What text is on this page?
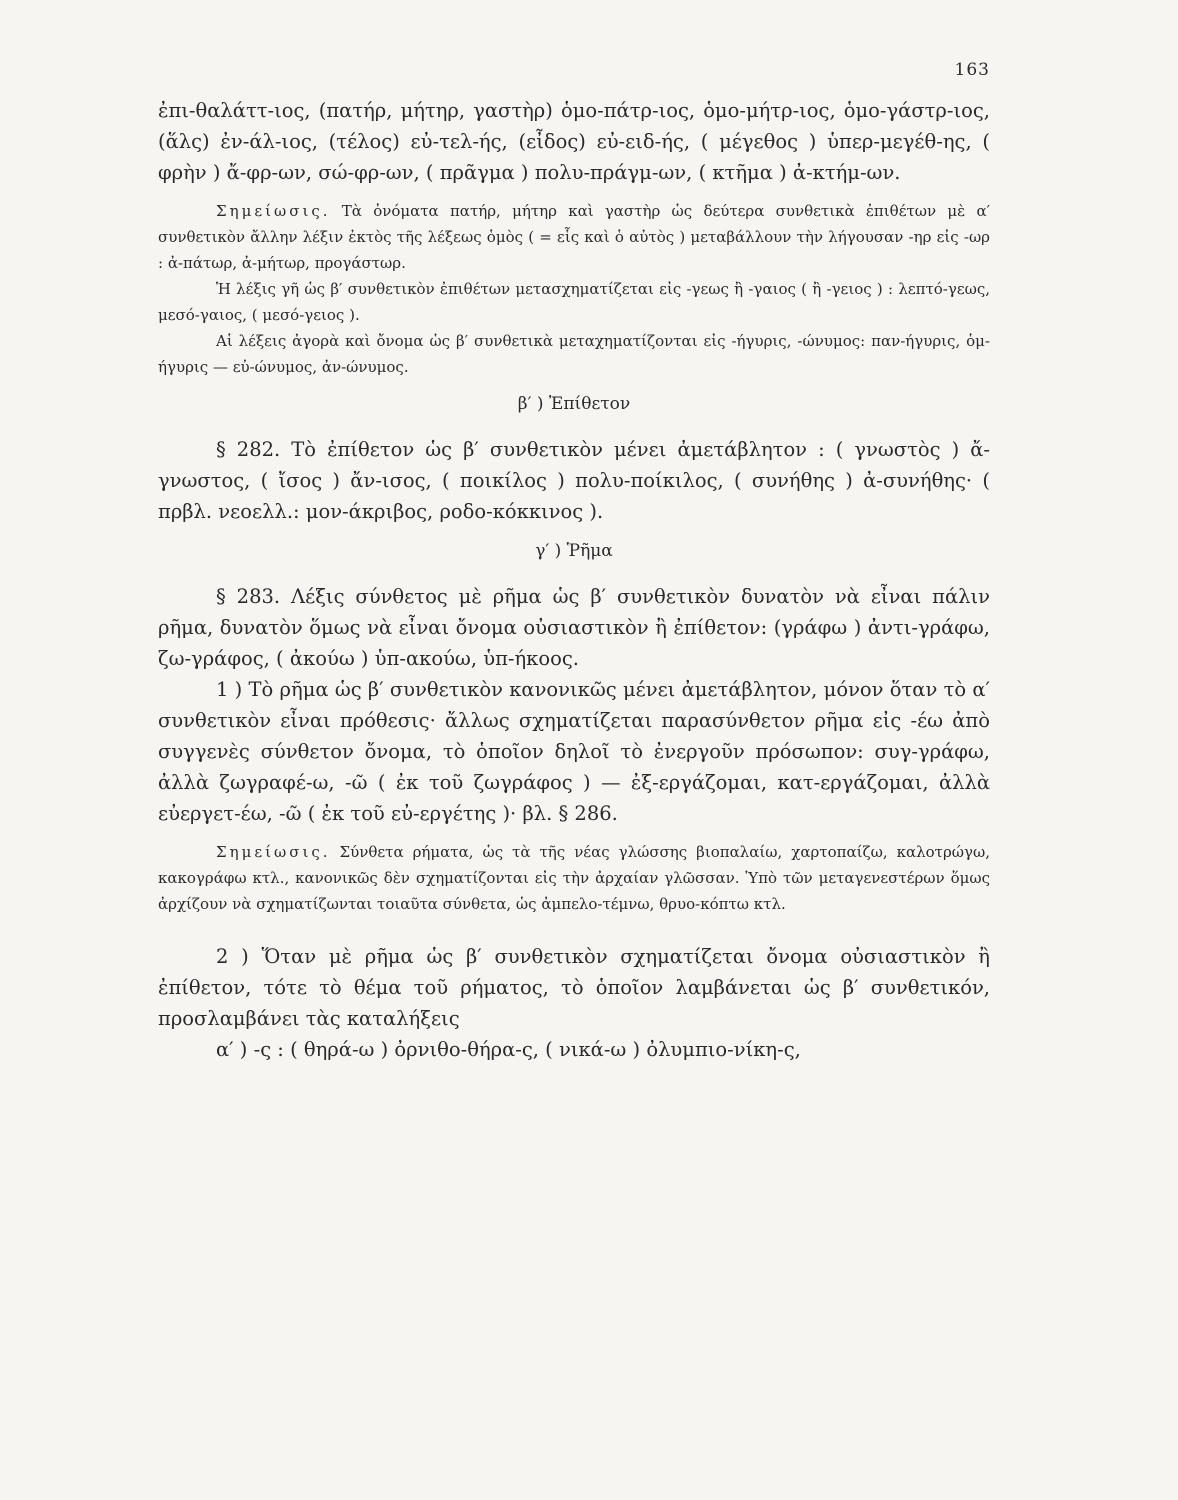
163

ἐπι-θαλάττ-ιος, (πατήρ, μήτηρ, γαστὴρ) ὁμο-πάτρ-ιος, ὁμο-μήτρ-ιος, ὁμο-γάστρ-ιος, (ἅλς) ἐν-άλ-ιος, (τέλος) εὐ-τελ-ής, (εἶδος) εὐ-ειδ-ής, ( μέγεθος ) ὑπερ-μεγέθ-ης, ( φρὴν ) ἄ-φρ-ων, σώ-φρ-ων, ( πρᾶγμα ) πολυ-πράγμ-ων, ( κτῆμα ) ἀ-κτήμ-ων.

Σημείωσις. Τὰ ὀνόματα πατήρ, μήτηρ καὶ γαστὴρ ὡς δεύτερα συνθετικὰ ἐπιθέτων μὲ α′ συνθετικὸν ἄλλην λέξιν ἐκτὸς τῆς λέξεως ὁμὸς ( = εἷς καὶ ὁ αὐτὸς ) μεταβάλλουν τὴν λήγουσαν -ηρ εἰς -ωρ : ἀ-πάτωρ, ἀ-μήτωρ, προγάστωρ.

Ἡ λέξις γῆ ὡς β′ συνθετικὸν ἐπιθέτων μετασχηματίζεται εἰς -γεως ἢ -γαιος ( ἢ -γειος ) : λεπτό-γεως, μεσό-γαιος, ( μεσό-γειος ).

Αἱ λέξεις ἀγορὰ καὶ ὄνομα ὡς β′ συνθετικὰ μεταχηματίζονται εἰς -ήγυρις, -ώνυμος: παν-ήγυρις, ὁμ-ήγυρις — εὐ-ώνυμος, ἀν-ώνυμος.

β′ ) Ἐπίθετον

§ 282. Τὸ ἐπίθετον ὡς β′ συνθετικὸν μένει ἀμετάβλητον : ( γνωστὸς ) ἄ-γνωστος, ( ἴσος ) ἄν-ισος, ( ποικίλος ) πολυ-ποίκιλος, ( συνήθης ) ἀ-συνήθης· ( πρβλ. νεοελλ.: μον-άκριβος, ροδο-κόκκινος ).

γ′ ) Ῥῆμα

§ 283. Λέξις σύνθετος μὲ ρῆμα ὡς β′ συνθετικὸν δυνατὸν νὰ εἶναι πάλιν ρῆμα, δυνατὸν ὅμως νὰ εἶναι ὄνομα οὐσιαστικὸν ἢ ἐπίθετον: (γράφω ) ἀντι-γράφω, ζω-γράφος, ( ἀκούω ) ὑπ-ακούω, ὑπ-ήκοος.

1 ) Τὸ ρῆμα ὡς β′ συνθετικὸν κανονικῶς μένει ἀμετάβλητον, μόνον ὅταν τὸ α′ συνθετικὸν εἶναι πρόθεσις· ἄλλως σχηματίζεται παρασύνθετον ρῆμα εἰς -έω ἀπὸ συγγενὲς σύνθετον ὄνομα, τὸ ὁποῖον δηλοῖ τὸ ἐνεργοῦν πρόσωπον: συγ-γράφω, ἀλλὰ ζωγραφέ-ω, -ῶ ( ἐκ τοῦ ζωγράφος ) — ἐξ-εργάζομαι, κατ-εργάζομαι, ἀλλὰ εὐεργετ-έω, -ῶ ( ἐκ τοῦ εὐ-εργέτης )· βλ. § 286.

Σημείωσις. Σύνθετα ρήματα, ὡς τὰ τῆς νέας γλώσσης βιοπαλαίω, χαρτοπαίζω, καλοτρώγω, κακογράφω κτλ., κανονικῶς δὲν σχηματίζονται εἰς τὴν ἀρχαίαν γλῶσσαν. Ὑπὸ τῶν μεταγενεστέρων ὅμως ἀρχίζουν νὰ σχηματίζωνται τοιαῦτα σύνθετα, ὡς ἀμπελο-τέμνω, θρυο-κόπτω κτλ.

2 ) Ὅταν μὲ ρῆμα ὡς β′ συνθετικὸν σχηματίζεται ὄνομα οὐσιαστικὸν ἢ ἐπίθετον, τότε τὸ θέμα τοῦ ρήματος, τὸ ὁποῖον λαμβάνεται ὡς β′ συνθετικόν, προσλαμβάνει τὰς καταλήξεις

α′ ) -ς : ( θηρά-ω ) ὀρνιθο-θήρα-ς, ( νικά-ω ) ὀλυμπιο-νίκη-ς,
